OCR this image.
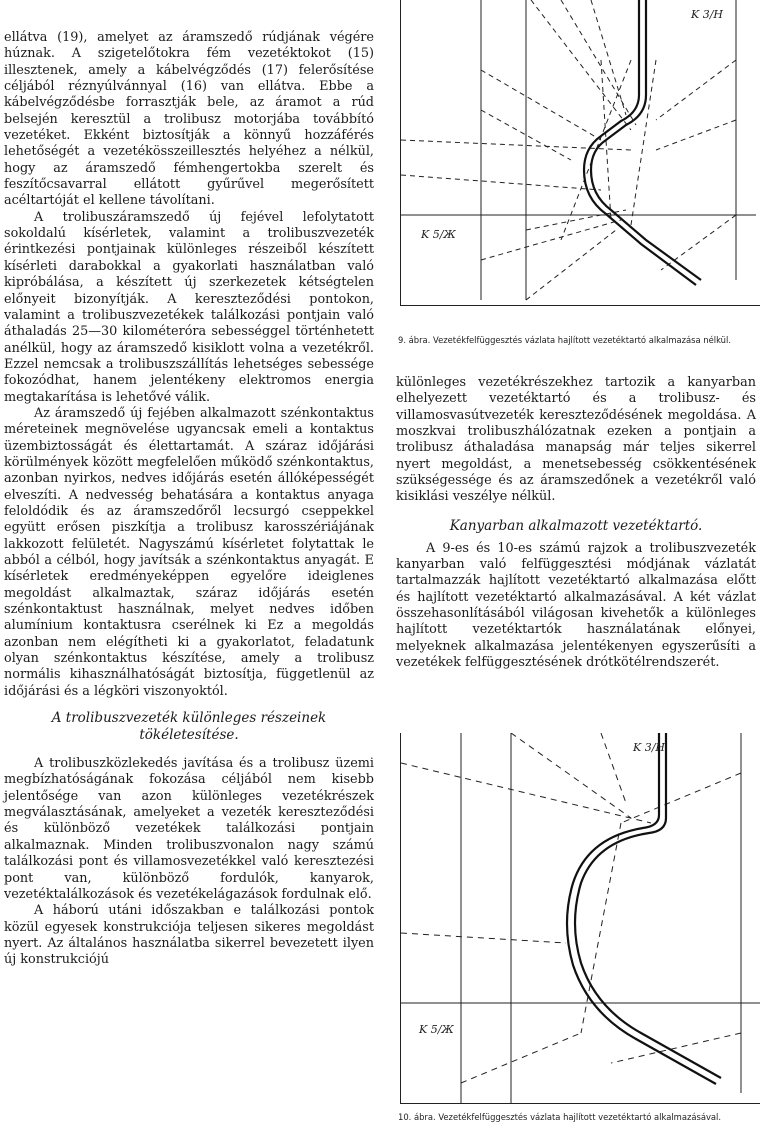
ellátva (19), amelyet az áramszedő rúdjának végére húznak. A szigetelőtokra fém vezetéktokot (15) illesztenek, amely a kábelvégződés (17) felerősítése céljából réznyúlvánnyal (16) van ellátva. Ebbe a kábelvégződésbe forrasztják bele, az áramot a rúd belsején keresztül a trolibusz motorjába továbbító vezetéket. Ekként biztosítják a könnyű hozzáférés lehetőségét a vezetékösszeillesztés helyéhez a nélkül, hogy az áramszedő fémhengertokba szerelt és feszítőcsavarral ellátott gyűrűvel megerősített acéltartóját el kellene távolítani.

A trolibuszáramszedő új fejével lefolytatott sokoldalú kísérletek, valamint a trolibuszvezeték érintkezési pontjainak különleges részeiből készített kísérleti darabokkal a gyakorlati használatban való kipróbálása, a készített új szerkezetek kétségtelen előnyeit bizonyítják. A kereszteződési pontokon, valamint a trolibuszvezetékek találkozási pontjain való áthaladás 25—30 kilométeróra sebességgel történhetett anélkül, hogy az áramszedő kisiklott volna a vezetékről. Ezzel nemcsak a trolibuszszállítás lehetséges sebessége fokozódhat, hanem jelentékeny elektromos energia megtakarítása is lehetővé válik.

Az áramszedő új fejében alkalmazott szénkontaktus méreteinek megnövelése ugyancsak emeli a kontaktus üzembiztosságát és élettartamát. A száraz időjárási körülmények között megfelelően működő szénkontaktus, azonban nyirkos, nedves időjárás esetén állóképességét elveszíti. A nedvesség behatására a kontaktus anyaga feloldódik és az áramszedőről lecsurgó cseppekkel együtt erősen piszkítja a trolibusz karosszériájának lakkozott felületét. Nagyszámú kísérletet folytattak le abból a célból, hogy javítsák a szénkontaktus anyagát. E kísérletek eredményeképpen egyelőre ideiglenes megoldást alkalmaztak, száraz időjárás esetén szénkontaktust használnak, melyet nedves időben alumínium kontaktusra cserélnek ki Ez a megoldás azonban nem elégítheti ki a gyakorlatot, feladatunk olyan szénkontaktus készítése, amely a trolibusz normális kihasználhatóságát biztosítja, függetlenül az időjárási és a légköri viszonyoktól.

A trolibuszvezeték különleges részeinek tökéletesítése.

A trolibuszközlekedés javítása és a trolibusz üzemi megbízhatóságának fokozása céljából nem kisebb jelentősége van azon különleges vezetékrészek megválasztásának, amelyeket a vezeték kereszteződési és különböző vezetékek találkozási pontjain alkalmaznak. Minden trolibuszvonalon nagy számú találkozási pont és villamosvezetékkel való keresztezési pont van, különböző fordulók, kanyarok, vezetéktalálkozások és vezetékelágazások fordulnak elő.

A háború utáni időszakban e találkozási pontok közül egyesek konstrukciója teljesen sikeres megoldást nyert. Az általános használatba sikerrel bevezetett ilyen új konstrukciójú

K 3/H
K 5/Ж
9. ábra. Vezetékfelfüggesztés vázlata hajlított vezetéktartó alkalmazása nélkül.

különleges vezetékrészekhez tartozik a kanyarban elhelyezett vezetéktartó és a trolibusz- és villamosvasútvezeték kereszteződésének megoldása. A moszkvai trolibuszhálózatnak ezeken a pontjain a trolibusz áthaladása manapság már teljes sikerrel nyert megoldást, a menetsebesség csökkentésének szükségessége és az áramszedőnek a vezetékről való kisiklási veszélye nélkül.

Kanyarban alkalmazott vezetéktartó.

A 9-es és 10-es számú rajzok a trolibuszvezeték kanyarban való felfüggesztési módjának vázlatát tartalmazzák hajlított vezetéktartó alkalmazása előtt és hajlított vezetéktartó alkalmazásával. A két vázlat összehasonlításából világosan kivehetők a különleges hajlított vezetéktartók használatának előnyei, melyeknek alkalmazása jelentékenyen egyszerűsíti a vezetékek felfüggesztésének drótkötélrendszerét.

K 3/H
K 5/Ж
10. ábra. Vezetékfelfüggesztés vázlata hajlított vezetéktartó alkalmazásával.
